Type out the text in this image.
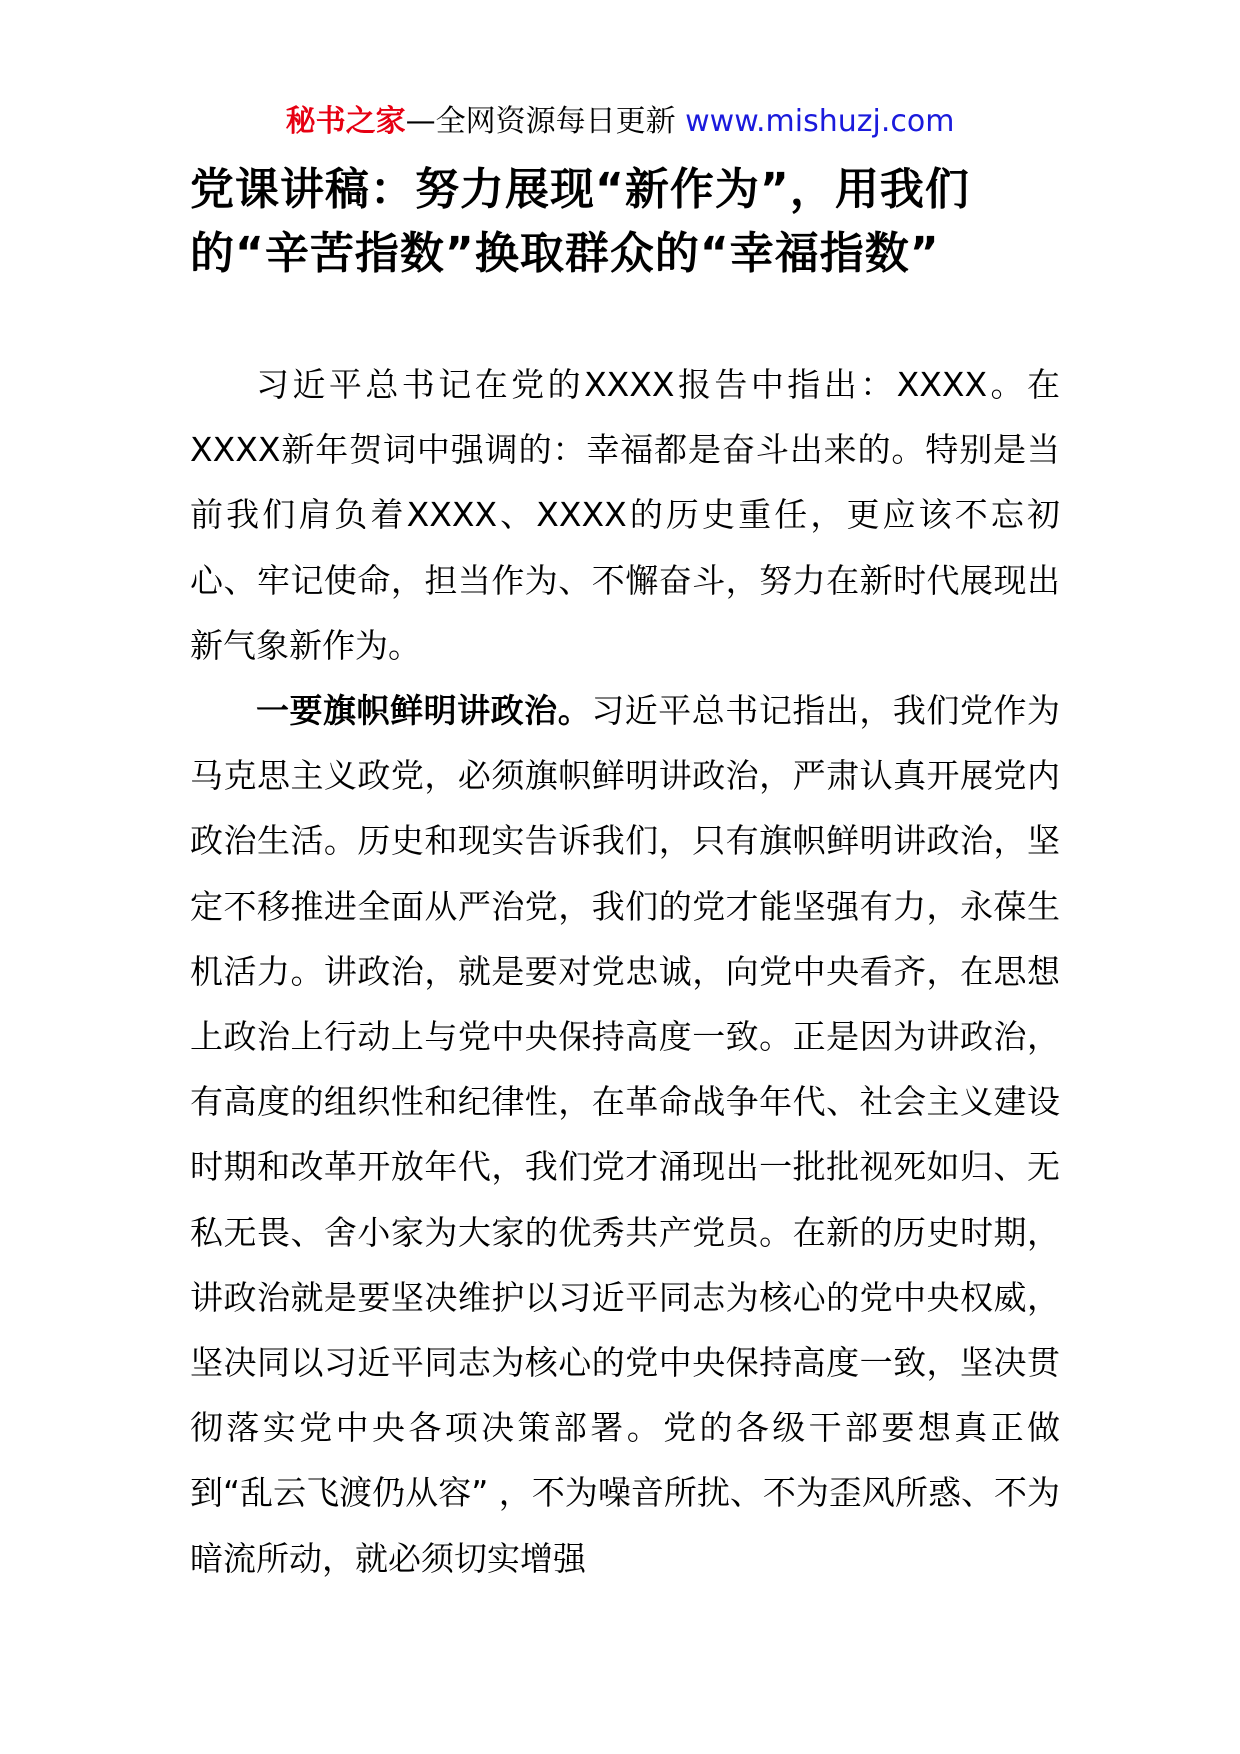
秘书之家—全网资源每日更新 www.mishuzj.com
党课讲稿：努力展现“新作为”，用我们
的“辛苦指数”换取群众的“幸福指数”

习近平总书记在党的XXXX报告中指出：XXXX。在XXXX新年贺词中强调的：幸福都是奋斗出来的。特别是当前我们肩负着XXXX、XXXX的历史重任，更应该不忘初心、牢记使命，担当作为、不懈奋斗，努力在新时代展现出新气象新作为。

一要旗帜鲜明讲政治。习近平总书记指出，我们党作为马克思主义政党，必须旗帜鲜明讲政治，严肃认真开展党内政治生活。历史和现实告诉我们，只有旗帜鲜明讲政治，坚定不移推进全面从严治党，我们的党才能坚强有力，永葆生机活力。讲政治，就是要对党忠诚，向党中央看齐，在思想上政治上行动上与党中央保持高度一致。正是因为讲政治，有高度的组织性和纪律性，在革命战争年代、社会主义建设时期和改革开放年代，我们党才涌现出一批批视死如归、无私无畏、舍小家为大家的优秀共产党员。在新的历史时期，讲政治就是要坚决维护以习近平同志为核心的党中央权威，坚决同以习近平同志为核心的党中央保持高度一致，坚决贯彻落实党中央各项决策部署。党的各级干部要想真正做到“乱云飞渡仍从容” ，不为噪音所扰、不为歪风所惑、不为暗流所动，就必须切实增强
